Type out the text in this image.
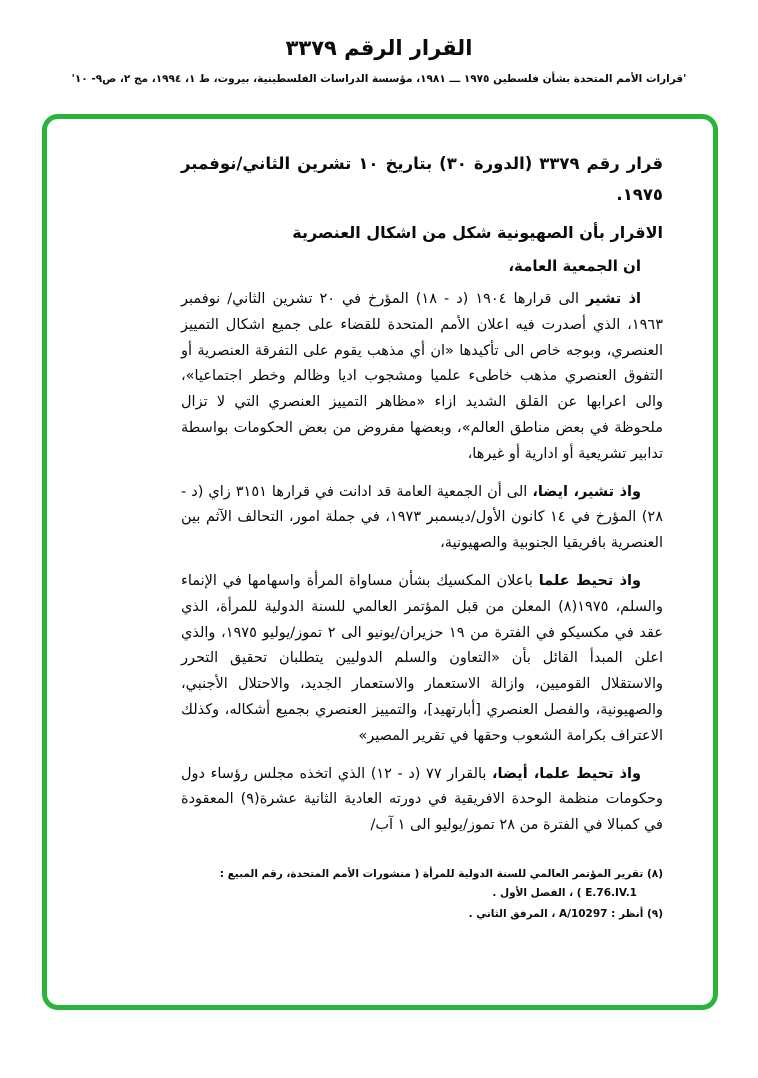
القرار الرقم ٣٣٧٩
'قرارات الأمم المتحدة بشأن فلسطين ١٩٧٥ ـــ ١٩٨١، مؤسسة الدراسات الفلسطينية، بيروت، ط ١، ١٩٩٤، مج ٢، ص٩- ١٠'
قرار رقم ٣٣٧٩ (الدورة ٣٠) بتاريخ ١٠ تشرين الثاني/نوفمبر ١٩٧٥.
الاقرار بأن الصهيونية شكل من اشكال العنصرية
ان الجمعية العامة،

اذ تشير الى قرارها ١٩٠٤ (د - ١٨) المؤرخ في ٢٠ تشرين الثاني/ نوفمبر ١٩٦٣، الذي أصدرت فيه اعلان الأمم المتحدة للقضاء على جميع اشكال التمييز العنصري، وبوجه خاص الى تأكيدها «ان أي مذهب يقوم على التفرقة العنصرية أو التفوق العنصري مذهب خاطىء علميا ومشجوب اديا وظالم وخطر اجتماعيا»، والى اعرابها عن القلق الشديد ازاء «مظاهر التمييز العنصري التي لا تزال ملحوظة في بعض مناطق العالم»، وبعضها مفروض من بعض الحكومات بواسطة تدابير تشريعية أو ادارية أو غيرها،

واذ تشير، ايضا، الى أن الجمعية العامة قد ادانت في قرارها ٣١٥١ زاي (د - ٢٨) المؤرخ في ١٤ كانون الأول/ديسمبر ١٩٧٣، في جملة امور، التحالف الآثم بين العنصرية بافريقيا الجنوبية والصهيونية،

واذ تحيط علما باعلان المكسيك بشأن مساواة المرأة واسهامها في الإنماء والسلم، ١٩٧٥(٨) المعلن من قبل المؤتمر العالمي للسنة الدولية للمرأة، الذي عقد في مكسيكو في الفترة من ١٩ حزيران/يونيو الى ٢ تموز/يوليو ١٩٧٥، والذي اعلن المبدأ القائل بأن «التعاون والسلم الدوليين يتطلبان تحقيق التحرر والاستقلال القوميين، وازالة الاستعمار والاستعمار الجديد، والاحتلال الأجنبي، والصهيونية، والفصل العنصري [أبارتهيد]، والتمييز العنصري بجميع أشكاله، وكذلك الاعتراف بكرامة الشعوب وحقها في تقرير المصير»

واذ تحيط علما، أيضا، بالقرار ٧٧ (د - ١٢) الذي اتخذه مجلس رؤساء دول وحكومات منظمة الوحدة الافريقية في دورته العادية الثانية عشرة(٩) المعقودة في كمبالا في الفترة من ٢٨ تموز/يوليو الى ١ آب/

(٨) تقرير المؤتمر العالمي للسنة الدولية للمرأة ( منشورات الأمم المتحدة، رقم المبيع : E.76.IV.1 ) ، الفصل الأول .
(٩) أنظر : A/10297 ، المرفق الثاني .
